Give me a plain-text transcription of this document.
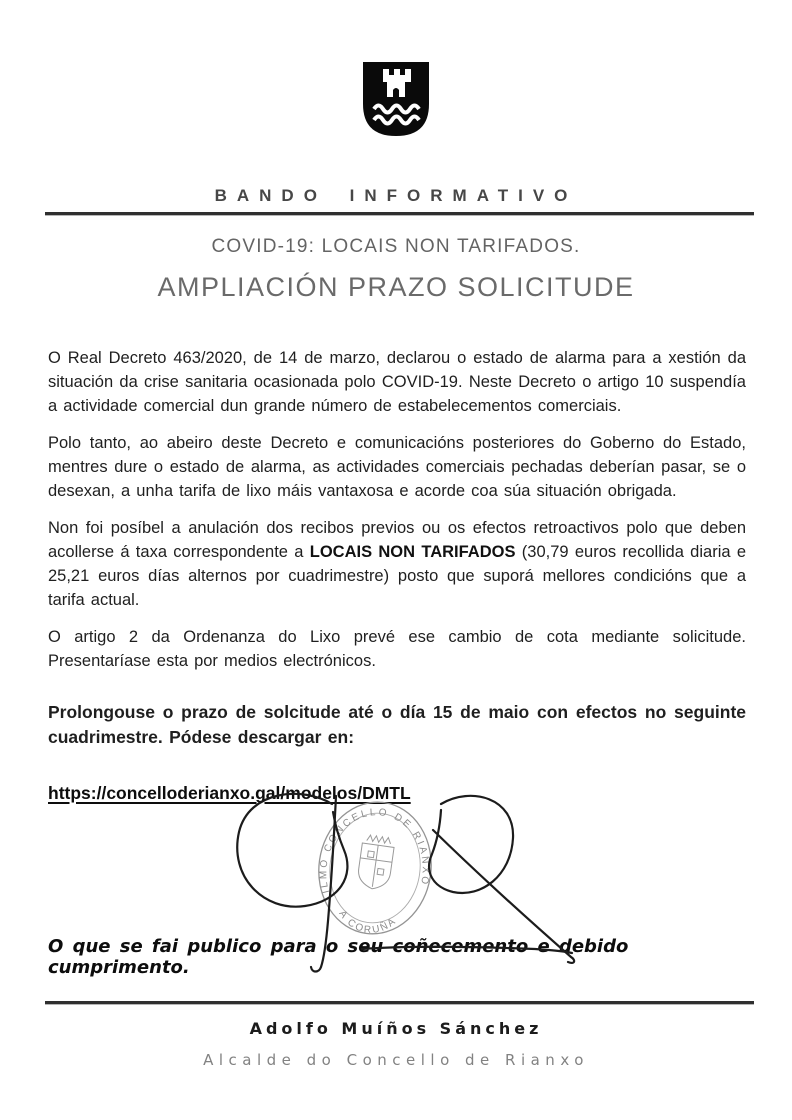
BANDO INFORMATIVO
COVID-19: LOCAIS NON TARIFADOS.
AMPLIACIÓN PRAZO SOLICITUDE

O Real Decreto 463/2020, de 14 de marzo, declarou o estado de alarma para a xestión da situación da crise sanitaria ocasionada polo COVID-19. Neste Decreto o artigo 10 suspendía a actividade comercial dun grande número de estabelecementos comerciais.

Polo tanto, ao abeiro deste Decreto e comunicacións posteriores do Goberno do Estado, mentres dure o estado de alarma, as actividades comerciais pechadas deberían pasar, se o desexan, a unha tarifa de lixo máis vantaxosa e acorde coa súa situación obrigada.

Non foi posíbel a anulación dos recibos previos ou os efectos retroactivos polo que deben acollerse á taxa correspondente a LOCAIS NON TARIFADOS (30,79 euros recollida diaria e 25,21 euros días alternos por cuadrimestre) posto que suporá mellores condicións que a tarifa actual.

O artigo 2 da Ordenanza do Lixo prevé ese cambio de cota mediante solicitude. Presentaríase esta por medios electrónicos.

Prolongouse o prazo de solcitude até o día 15 de maio con efectos no seguinte cuadrimestre. Pódese descargar en:

https://concelloderianxo.gal/modelos/DMTL
O que se fai publico para o seu coñecemento e debido cumprimento.
ILMO CONCELLO DE RIANXO
A CORUÑA
Adolfo Muíños Sánchez
Alcalde do Concello de Rianxo
